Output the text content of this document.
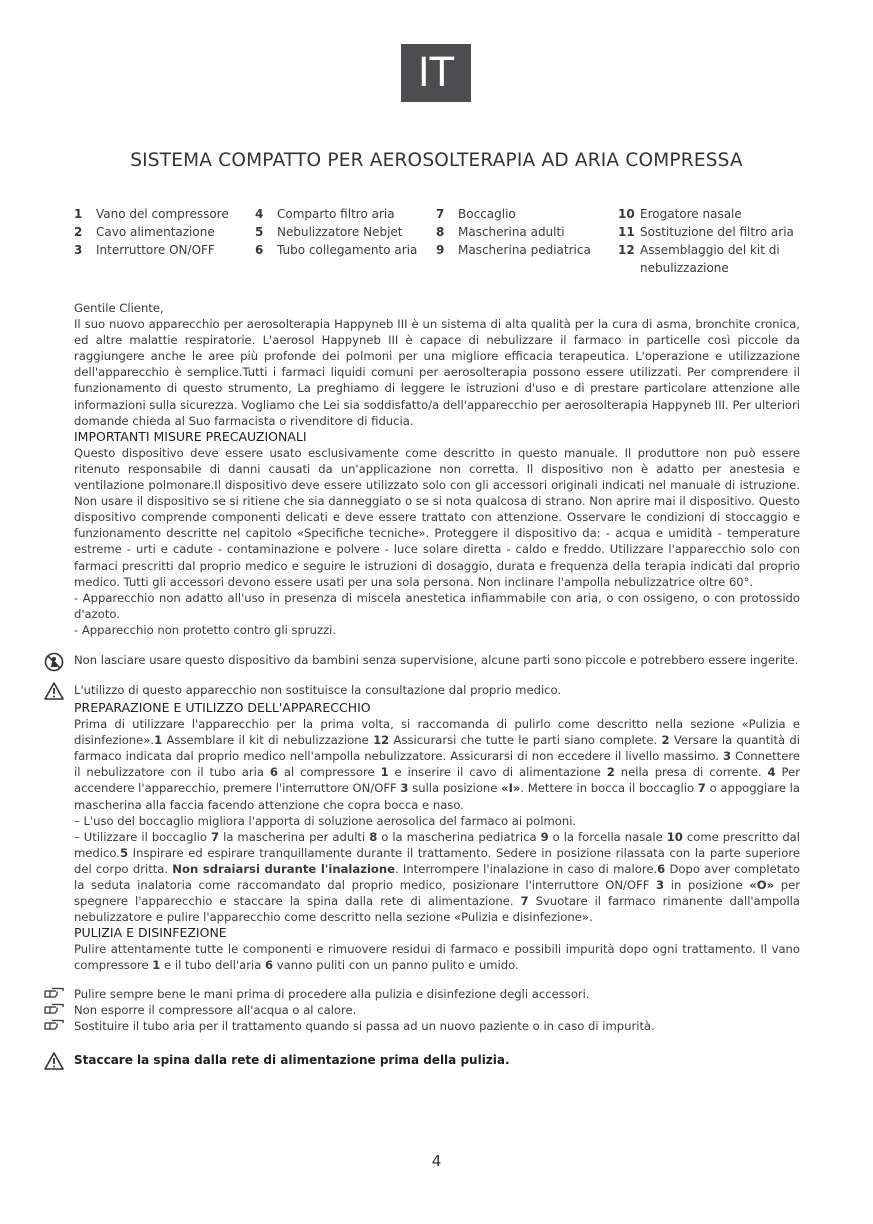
IT
SISTEMA COMPATTO PER AEROSOLTERAPIA AD ARIA COMPRESSA
1	Vano del compressore
2	Cavo alimentazione
3	Interruttore ON/OFF
4	Comparto filtro aria
5	Nebulizzatore Nebjet
6	Tubo collegamento aria
7	Boccaglio
8	Mascherina adulti
9	Mascherina pediatrica
10 Erogatore nasale
11 Sostituzione del filtro aria
12 Assemblaggio del kit di
nebulizzazione

Gentile Cliente,

Il suo nuovo apparecchio per aerosolterapia Happyneb III è un sistema di alta qualità per la cura di asma, bronchite cronica, ed altre malattie respiratorie. L'aerosol Happyneb III è capace di nebulizzare il farmaco in particelle così piccole da raggiungere anche le aree più profonde dei polmoni per una migliore efficacia terapeutica. L'operazione e utilizzazione dell'apparecchio è semplice.Tutti i farmaci liquidi comuni per aerosolterapia possono essere utilizzati. Per comprendere il funzionamento di questo strumento, La preghiamo di leggere le istruzioni d'uso e di prestare particolare attenzione alle informazioni sulla sicurezza. Vogliamo che Lei sia soddisfatto/a dell'apparecchio per aerosolterapia Happyneb III. Per ulteriori domande chieda al Suo farmacista o rivenditore di fiducia.

IMPORTANTI MISURE PRECAUZIONALI

Questo dispositivo deve essere usato esclusivamente come descritto in questo manuale. Il produttore non può essere ritenuto responsabile di danni causati da un'applicazione non corretta. Il dispositivo non è adatto per anestesia e ventilazione polmonare.Il dispositivo deve essere utilizzato solo con gli accessori originali indicati nel manuale di istruzione. Non usare il dispositivo se si ritiene che sia danneggiato o se si nota qualcosa di strano. Non aprire mai il dispositivo. Questo dispositivo comprende componenti delicati e deve essere trattato con attenzione. Osservare le condizioni di stoccaggio e funzionamento descritte nel capitolo «Specifiche tecniche». Proteggere il dispositivo da: - acqua e umidità - temperature estreme - urti e cadute - contaminazione e polvere - luce solare diretta - caldo e freddo. Utilizzare l'apparecchio solo con farmaci prescritti dal proprio medico e seguire le istruzioni di dosaggio, durata e frequenza della terapia indicati dal proprio medico. Tutti gli accessori devono essere usati per una sola persona. Non inclinare l'ampolla nebulizzatrice oltre 60°.

- Apparecchio non adatto all'uso in presenza di miscela anestetica infiammabile con aria, o con ossigeno, o con protossido d'azoto.

- Apparecchio non protetto contro gli spruzzi.

Non lasciare usare questo dispositivo da bambini senza supervisione, alcune parti sono piccole e potrebbero essere ingerite.
L'utilizzo di questo apparecchio non sostituisce la consultazione dal proprio medico.

PREPARAZIONE E UTILIZZO DELL'APPARECCHIO

Prima di utilizzare l'apparecchio per la prima volta, si raccomanda di pulirlo come descritto nella sezione «Pulizia e disinfezione».1 Assemblare il kit di nebulizzazione 12 Assicurarsi che tutte le parti siano complete. 2 Versare la quantità di farmaco indicata dal proprio medico nell'ampolla nebulizzatore. Assicurarsi di non eccedere il livello massimo. 3 Connettere il nebulizzatore con il tubo aria 6 al compressore 1 e inserire il cavo di alimentazione 2 nella presa di corrente. 4 Per accendere l'apparecchio, premere l'interruttore ON/OFF 3 sulla posizione «I». Mettere in bocca il boccaglio 7 o appoggiare la mascherina alla faccia facendo attenzione che copra bocca e naso.

– L'uso del boccaglio migliora l'apporta di soluzione aerosolica del farmaco ai polmoni.

– Utilizzare il boccaglio 7 la mascherina per adulti 8 o la mascherina pediatrica 9 o la forcella nasale 10 come prescritto dal medico.5 Inspirare ed espirare tranquillamente durante il trattamento. Sedere in posizione rilassata con la parte superiore del corpo dritta. Non sdraiarsi durante l'inalazione. Interrompere l'inalazione in caso di malore.6 Dopo aver completato la seduta inalatoria come raccomandato dal proprio medico, posizionare l'interruttore ON/OFF 3 in posizione «O» per spegnere l'apparecchio e staccare la spina dalla rete di alimentazione. 7 Svuotare il farmaco rimanente dall'ampolla nebulizzatore e pulire l'apparecchio come descritto nella sezione «Pulizia e disinfezione».

PULIZIA E DISINFEZIONE

Pulire attentamente tutte le componenti e rimuovere residui di farmaco e possibili impurità dopo ogni trattamento. Il vano compressore 1 e il tubo dell'aria 6 vanno puliti con un panno pulito e umido.

Pulire sempre bene le mani prima di procedere alla pulizia e disinfezione degli accessori.
Non esporre il compressore all'acqua o al calore.
Sostituire il tubo aria per il trattamento quando si passa ad un nuovo paziente o in caso di impurità.
Staccare la spina dalla rete di alimentazione prima della pulizia.
4
